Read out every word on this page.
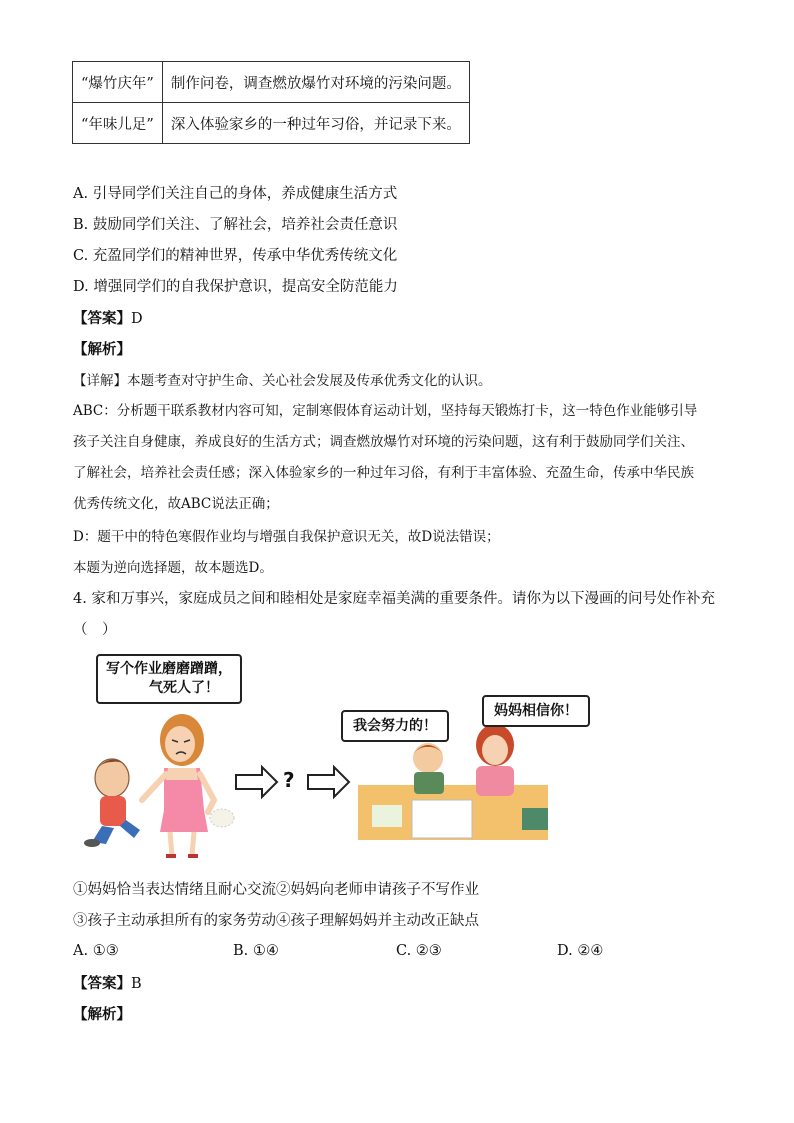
“爆竹庆年”	制作问卷，调查燃放爆竹对环境的污染问题。
“年味儿足”	深入体验家乡的一种过年习俗，并记录下来。
A. 引导同学们关注自己的身体，养成健康生活方式
B. 鼓励同学们关注、了解社会，培养社会责任意识
C. 充盈同学们的精神世界，传承中华优秀传统文化
D. 增强同学们的自我保护意识，提高安全防范能力
【答案】D
【解析】
【详解】本题考查对守护生命、关心社会发展及传承优秀文化的认识。
ABC：分析题干联系教材内容可知，定制寒假体育运动计划，坚持每天锻炼打卡，这一特色作业能够引导
孩子关注自身健康，养成良好的生活方式；调查燃放爆竹对环境的污染问题，这有利于鼓励同学们关注、
了解社会，培养社会责任感；深入体验家乡的一种过年习俗，有利于丰富体验、充盈生命，传承中华民族
优秀传统文化，故ABC说法正确；
D：题干中的特色寒假作业均与增强自我保护意识无关，故D说法错误；
本题为逆向选择题，故本题选D。
4. 家和万事兴，家庭成员之间和睦相处是家庭幸福美满的重要条件。请你为以下漫画的问号处作补充
（　）
写个作业磨磨蹭蹭，
气死人了！
?
我会努力的！
妈妈相信你！
①妈妈恰当表达情绪且耐心交流②妈妈向老师申请孩子不写作业
③孩子主动承担所有的家务劳动④孩子理解妈妈并主动改正缺点
A. ①③	B. ①④	C. ②③	D. ②④
【答案】B
【解析】
